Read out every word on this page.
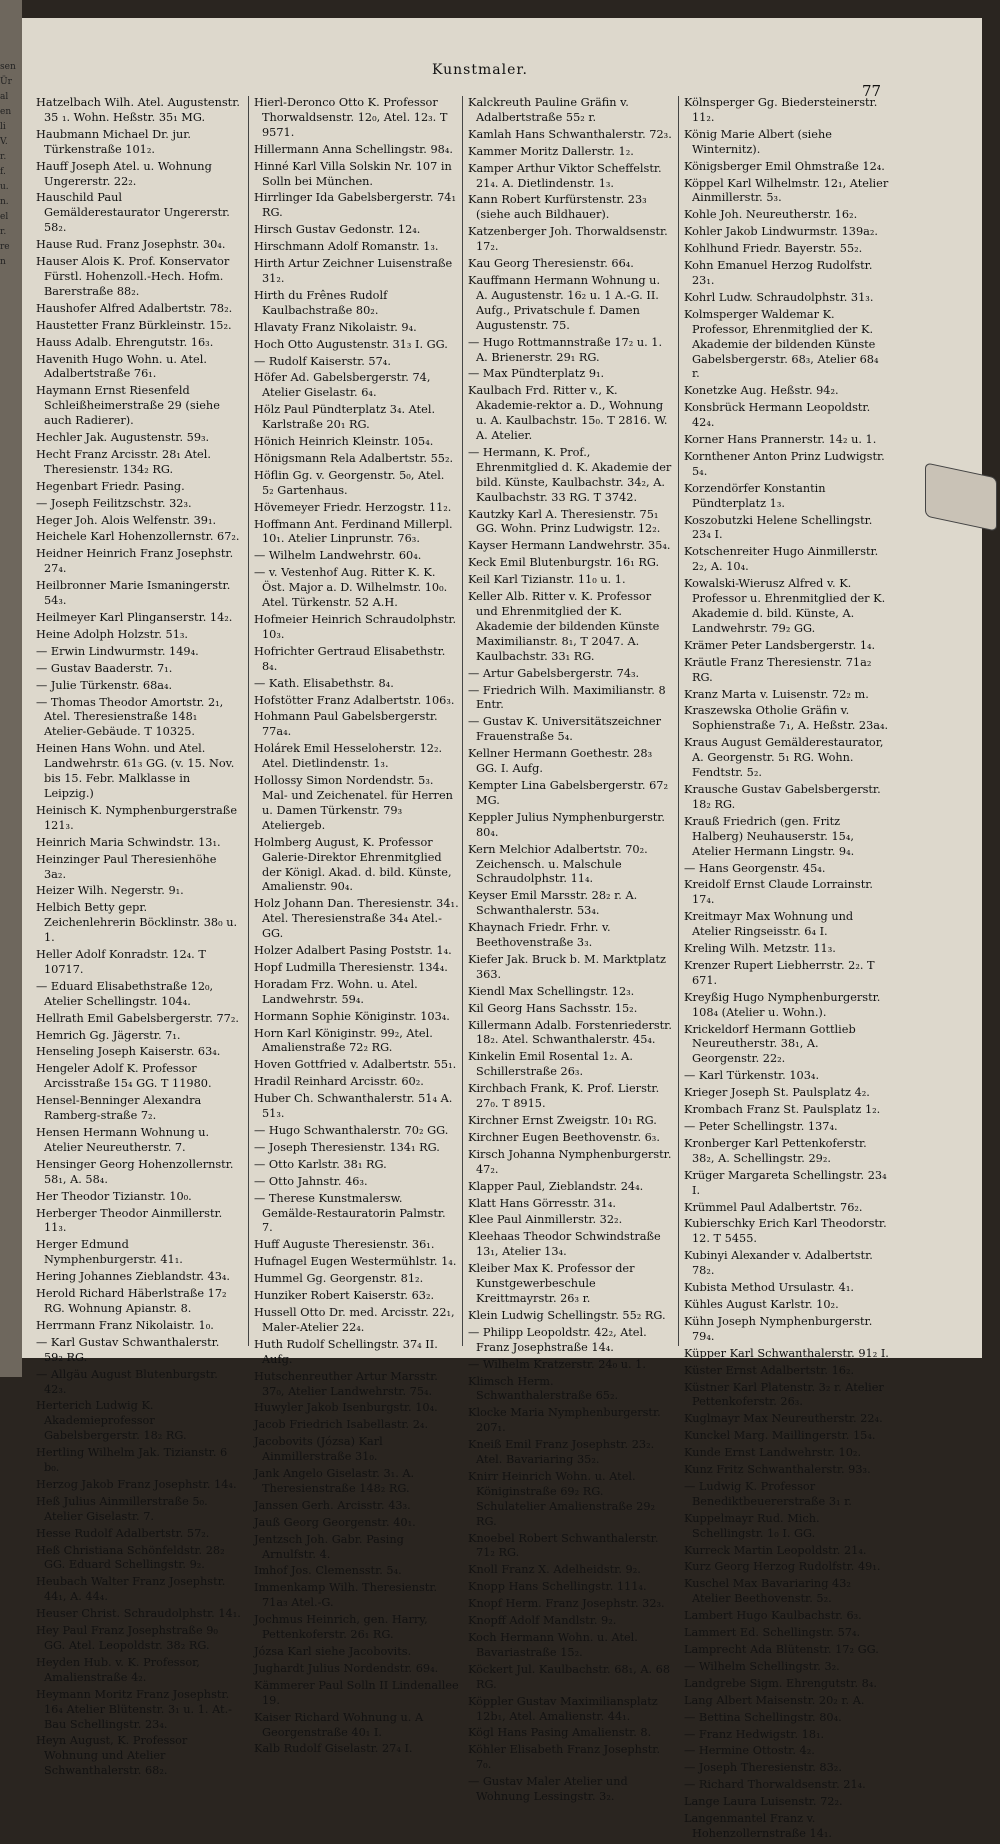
sen
Ür
al
en
li
V.
r.
f.
u.
n.
el
r.
re
n
Kunstmaler.
77
Hatzelbach Wilh. Atel. Augustenstr. 35 ₁. Wohn. Heßstr. 35₁ MG.
Haubmann Michael Dr. jur. Türkenstraße 101₂.
Hauff Joseph Atel. u. Wohnung Ungererstr. 22₂.
Hauschild Paul Gemälderestaurator Ungererstr. 58₂.
Hause Rud. Franz Josephstr. 30₄.
Hauser Alois K. Prof. Konservator Fürstl. Hohenzoll.-Hech. Hofm. Barerstraße 88₂.
Haushofer Alfred Adalbertstr. 78₂.
Haustetter Franz Bürkleinstr. 15₂.
Hauss Adalb. Ehrengutstr. 16₃.
Havenith Hugo Wohn. u. Atel. Adalbertstraße 76₁.
Haymann Ernst Riesenfeld Schleißheimerstraße 29 (siehe auch Radierer).
Hechler Jak. Augustenstr. 59₃.
Hecht Franz Arcisstr. 28₁ Atel. Theresienstr. 134₂ RG.
Hegenbart Friedr. Pasing.
— Joseph Feilitzschstr. 32₃.
Heger Joh. Alois Welfenstr. 39₁.
Heichele Karl Hohenzollernstr. 67₂.
Heidner Heinrich Franz Josephstr. 27₄.
Heilbronner Marie Ismaningerstr. 54₃.
Heilmeyer Karl Plinganserstr. 14₂.
Heine Adolph Holzstr. 51₃.
— Erwin Lindwurmstr. 149₄.
— Gustav Baaderstr. 7₁.
— Julie Türkenstr. 68a₄.
— Thomas Theodor Amortstr. 2₁, Atel. Theresienstraße 148₁ Atelier-Gebäude. T 10325.
Heinen Hans Wohn. und Atel. Landwehrstr. 61₃ GG. (v. 15. Nov. bis 15. Febr. Malklasse in Leipzig.)
Heinisch K. Nymphenburgerstraße 121₃.
Heinrich Maria Schwindstr. 13₁.
Heinzinger Paul Theresienhöhe 3a₂.
Heizer Wilh. Negerstr. 9₁.
Helbich Betty gepr. Zeichenlehrerin Böcklinstr. 38₀ u. 1.
Heller Adolf Konradstr. 12₄. T 10717.
— Eduard Elisabethstraße 12₀, Atelier Schellingstr. 104₄.
Hellrath Emil Gabelsbergerstr. 77₂.
Hemrich Gg. Jägerstr. 7₁.
Henseling Joseph Kaiserstr. 63₄.
Hengeler Adolf K. Professor Arcisstraße 15₄ GG. T 11980.
Hensel-Benninger Alexandra Ramberg-straße 7₂.
Hensen Hermann Wohnung u. Atelier Neureutherstr. 7.
Hensinger Georg Hohenzollernstr. 58₁, A. 58₄.
Her Theodor Tizianstr. 10₀.
Herberger Theodor Ainmillerstr. 11₃.
Herger Edmund Nymphenburgerstr. 41₁.
Hering Johannes Zieblandstr. 43₄.
Herold Richard Häberlstraße 17₂ RG. Wohnung Apianstr. 8.
Herrmann Franz Nikolaistr. 1₀.
— Karl Gustav Schwanthalerstr. 59₂ RG.
— Allgäu August Blutenburgstr. 42₃.
Herterich Ludwig K. Akademieprofessor Gabelsbergerstr. 18₂ RG.
Hertling Wilhelm Jak. Tizianstr. 6 b₀.
Herzog Jakob Franz Josephstr. 14₄.
Heß Julius Ainmillerstraße 5₀. Atelier Giselastr. 7.
Hesse Rudolf Adalbertstr. 57₂.
Heß Christiana Schönfeldstr. 28₂ GG. Eduard Schellingstr. 9₂.
Heubach Walter Franz Josephstr. 44₁, A. 44₄.
Heuser Christ. Schraudolphstr. 14₁.
Hey Paul Franz Josephstraße 9₀ GG. Atel. Leopoldstr. 38₂ RG.
Heyden Hub. v. K. Professor, Amalienstraße 4₂.
Heymann Moritz Franz Josephstr. 16₄ Atelier Blütenstr. 3₁ u. 1. At.-Bau Schellingstr. 23₄.
Heyn August, K. Professor Wohnung und Atelier Schwanthalerstr. 68₂.
Hierl-Deronco Otto K. Professor Thorwaldsenstr. 12₀, Atel. 12₃. T 9571.
Hillermann Anna Schellingstr. 98₄.
Hinné Karl Villa Solskin Nr. 107 in Solln bei München.
Hirrlinger Ida Gabelsbergerstr. 74₁ RG.
Hirsch Gustav Gedonstr. 12₄.
Hirschmann Adolf Romanstr. 1₃.
Hirth Artur Zeichner Luisenstraße 31₂.
Hirth du Frênes Rudolf Kaulbachstraße 80₂.
Hlavaty Franz Nikolaistr. 9₄.
Hoch Otto Augustenstr. 31₃ I. GG.
— Rudolf Kaiserstr. 57₄.
Höfer Ad. Gabelsbergerstr. 74, Atelier Giselastr. 6₄.
Hölz Paul Pündterplatz 3₄. Atel. Karlstraße 20₁ RG.
Hönich Heinrich Kleinstr. 105₄.
Hönigsmann Rela Adalbertstr. 55₂.
Höflin Gg. v. Georgenstr. 5₀, Atel. 5₂ Gartenhaus.
Hövemeyer Friedr. Herzogstr. 11₂.
Hoffmann Ant. Ferdinand Millerpl. 10₁. Atelier Linprunstr. 76₃.
— Wilhelm Landwehrstr. 60₄.
— v. Vestenhof Aug. Ritter K. K. Öst. Major a. D. Wilhelmstr. 10₀. Atel. Türkenstr. 52 A.H.
Hofmeier Heinrich Schraudolphstr. 10₃.
Hofrichter Gertraud Elisabethstr. 8₄.
— Kath. Elisabethstr. 8₄.
Hofstötter Franz Adalbertstr. 106₃.
Hohmann Paul Gabelsbergerstr. 77a₄.
Holárek Emil Hesseloherstr. 12₂. Atel. Dietlindenstr. 1₃.
Hollossy Simon Nordendstr. 5₃. Mal- und Zeichenatel. für Herren u. Damen Türkenstr. 79₃ Ateliergeb.
Holmberg August, K. Professor Galerie-Direktor Ehrenmitglied der Königl. Akad. d. bild. Künste, Amalienstr. 90₄.
Holz Johann Dan. Theresienstr. 34₁. Atel. Theresienstraße 34₄ Atel.-GG.
Holzer Adalbert Pasing Poststr. 1₄.
Hopf Ludmilla Theresienstr. 134₄.
Horadam Frz. Wohn. u. Atel. Landwehrstr. 59₄.
Hormann Sophie Königinstr. 103₄.
Horn Karl Königinstr. 99₂, Atel. Amalienstraße 72₂ RG.
Hoven Gottfried v. Adalbertstr. 55₁.
Hradil Reinhard Arcisstr. 60₂.
Huber Ch. Schwanthalerstr. 51₄ A. 51₃.
— Hugo Schwanthalerstr. 70₂ GG.
— Joseph Theresienstr. 134₁ RG.
— Otto Karlstr. 38₁ RG.
— Otto Jahnstr. 46₃.
— Therese Kunstmalersw. Gemälde-Restauratorin Palmstr. 7.
Huff Auguste Theresienstr. 36₁.
Hufnagel Eugen Westermühlstr. 1₄.
Hummel Gg. Georgenstr. 81₂.
Hunziker Robert Kaiserstr. 63₂.
Hussell Otto Dr. med. Arcisstr. 22₁, Maler-Atelier 22₄.
Huth Rudolf Schellingstr. 37₄ II. Aufg.
Hutschenreuther Artur Marsstr. 37₀, Atelier Landwehrstr. 75₄.
Huwyler Jakob Isenburgstr. 10₄.
Jacob Friedrich Isabellastr. 2₄.
Jacobovits (Józsa) Karl Ainmillerstraße 31₀.
Jank Angelo Giselastr. 3₁. A. Theresienstraße 148₂ RG.
Janssen Gerh. Arcisstr. 43₃.
Jauß Georg Georgenstr. 40₁.
Jentzsch Joh. Gabr. Pasing Arnulfstr. 4.
Imhof Jos. Clemensstr. 5₄.
Immenkamp Wilh. Theresienstr. 71a₃ Atel.-G.
Jochmus Heinrich, gen. Harry, Pettenkoferstr. 26₁ RG.
Józsa Karl siehe Jacobovits.
Jughardt Julius Nordendstr. 69₄.
Kämmerer Paul Solln II Lindenallee 19.
Kaiser Richard Wohnung u. A Georgenstraße 40₁ I.
Kalb Rudolf Giselastr. 27₄ I.
Kalckreuth Pauline Gräfin v. Adalbertstraße 55₂ r.
Kamlah Hans Schwanthalerstr. 72₃.
Kammer Moritz Dallerstr. 1₂.
Kamper Arthur Viktor Scheffelstr. 21₄. A. Dietlindenstr. 1₃.
Kann Robert Kurfürstenstr. 23₃ (siehe auch Bildhauer).
Katzenberger Joh. Thorwaldsenstr. 17₂.
Kau Georg Theresienstr. 66₄.
Kauffmann Hermann Wohnung u. A. Augustenstr. 16₂ u. 1 A.-G. II. Aufg., Privatschule f. Damen Augustenstr. 75.
— Hugo Rottmannstraße 17₂ u. 1. A. Brienerstr. 29₁ RG.
— Max Pündterplatz 9₁.
Kaulbach Frd. Ritter v., K. Akademie-rektor a. D., Wohnung u. A. Kaulbachstr. 15₀. T 2816. W. A. Atelier.
— Hermann, K. Prof., Ehrenmitglied d. K. Akademie der bild. Künste, Kaulbachstr. 34₂, A. Kaulbachstr. 33 RG. T 3742.
Kautzky Karl A. Theresienstr. 75₁ GG. Wohn. Prinz Ludwigstr. 12₂.
Kayser Hermann Landwehrstr. 35₄.
Keck Emil Blutenburgstr. 16₁ RG.
Keil Karl Tizianstr. 11₀ u. 1.
Keller Alb. Ritter v. K. Professor und Ehrenmitglied der K. Akademie der bildenden Künste Maximilianstr. 8₁, T 2047. A. Kaulbachstr. 33₁ RG.
— Artur Gabelsbergerstr. 74₃.
— Friedrich Wilh. Maximilianstr. 8 Entr.
— Gustav K. Universitätszeichner Frauenstraße 5₄.
Kellner Hermann Goethestr. 28₃ GG. I. Aufg.
Kempter Lina Gabelsbergerstr. 67₂ MG.
Keppler Julius Nymphenburgerstr. 80₄.
Kern Melchior Adalbertstr. 70₂. Zeichensch. u. Malschule Schraudolphstr. 11₄.
Keyser Emil Marsstr. 28₂ r. A. Schwanthalerstr. 53₄.
Khaynach Friedr. Frhr. v. Beethovenstraße 3₃.
Kiefer Jak. Bruck b. M. Marktplatz 363.
Kiendl Max Schellingstr. 12₃.
Kil Georg Hans Sachsstr. 15₂.
Killermann Adalb. Forstenriederstr. 18₂. Atel. Schwanthalerstr. 45₄.
Kinkelin Emil Rosental 1₂. A. Schillerstraße 26₃.
Kirchbach Frank, K. Prof. Lierstr. 27₀. T 8915.
Kirchner Ernst Zweigstr. 10₁ RG.
Kirchner Eugen Beethovenstr. 6₃.
Kirsch Johanna Nymphenburgerstr. 47₂.
Klapper Paul, Zieblandstr. 24₄.
Klatt Hans Görresstr. 31₄.
Klee Paul Ainmillerstr. 32₂.
Kleehaas Theodor Schwindstraße 13₁, Atelier 13₄.
Kleiber Max K. Professor der Kunstgewerbeschule Kreittmayrstr. 26₃ r.
Klein Ludwig Schellingstr. 55₂ RG.
— Philipp Leopoldstr. 42₂, Atel. Franz Josephstraße 14₄.
— Wilhelm Kratzerstr. 24₀ u. 1.
Klimsch Herm. Schwanthalerstraße 65₂.
Klocke Maria Nymphenburgerstr. 207₁.
Kneiß Emil Franz Josephstr. 23₂. Atel. Bavariaring 35₂.
Knirr Heinrich Wohn. u. Atel. Königinstraße 69₂ RG. Schulatelier Amalienstraße 29₂ RG.
Knoebel Robert Schwanthalerstr. 71₂ RG.
Knoll Franz X. Adelheidstr. 9₂.
Knopp Hans Schellingstr. 111₄.
Knopf Herm. Franz Josephstr. 32₃.
Knopff Adolf Mandlstr. 9₂.
Koch Hermann Wohn. u. Atel. Bavariastraße 15₂.
Köckert Jul. Kaulbachstr. 68₁, A. 68 RG.
Köppler Gustav Maximiliansplatz 12b₁, Atel. Amalienstr. 44₁.
Kögl Hans Pasing Amalienstr. 8.
Köhler Elisabeth Franz Josephstr. 7₀.
— Gustav Maler Atelier und Wohnung Lessingstr. 3₂.
Kölnsperger Gg. Biedersteinerstr. 11₂.
König Marie Albert (siehe Winternitz).
Königsberger Emil Ohmstraße 12₄.
Köppel Karl Wilhelmstr. 12₁, Atelier Ainmillerstr. 5₃.
Kohle Joh. Neureutherstr. 16₂.
Kohler Jakob Lindwurmstr. 139a₂.
Kohlhund Friedr. Bayerstr. 55₂.
Kohn Emanuel Herzog Rudolfstr. 23₁.
Kohrl Ludw. Schraudolphstr. 31₃.
Kolmsperger Waldemar K. Professor, Ehrenmitglied der K. Akademie der bildenden Künste Gabelsbergerstr. 68₃, Atelier 68₄ r.
Konetzke Aug. Heßstr. 94₂.
Konsbrück Hermann Leopoldstr. 42₄.
Korner Hans Prannerstr. 14₂ u. 1.
Kornthener Anton Prinz Ludwigstr. 5₄.
Korzendörfer Konstantin Pündterplatz 1₃.
Koszobutzki Helene Schellingstr. 23₄ I.
Kotschenreiter Hugo Ainmillerstr. 2₂, A. 10₄.
Kowalski-Wierusz Alfred v. K. Professor u. Ehrenmitglied der K. Akademie d. bild. Künste, A. Landwehrstr. 79₂ GG.
Krämer Peter Landsbergerstr. 1₄.
Kräutle Franz Theresienstr. 71a₂ RG.
Kranz Marta v. Luisenstr. 72₂ m.
Kraszewska Otholie Gräfin v. Sophienstraße 7₁, A. Heßstr. 23a₄.
Kraus August Gemälderestaurator, A. Georgenstr. 5₁ RG. Wohn. Fendtstr. 5₂.
Krausche Gustav Gabelsbergerstr. 18₂ RG.
Krauß Friedrich (gen. Fritz Halberg) Neuhauserstr. 15₄, Atelier Hermann Lingstr. 9₄.
— Hans Georgenstr. 45₄.
Kreidolf Ernst Claude Lorrainstr. 17₄.
Kreitmayr Max Wohnung und Atelier Ringseisstr. 6₄ I.
Kreling Wilh. Metzstr. 11₃.
Krenzer Rupert Liebherrstr. 2₂. T 671.
Kreyßig Hugo Nymphenburgerstr. 108₄ (Atelier u. Wohn.).
Krickeldorf Hermann Gottlieb Neureutherstr. 38₁, A. Georgenstr. 22₂.
— Karl Türkenstr. 103₄.
Krieger Joseph St. Paulsplatz 4₂.
Krombach Franz St. Paulsplatz 1₂.
— Peter Schellingstr. 137₄.
Kronberger Karl Pettenkoferstr. 38₂, A. Schellingstr. 29₂.
Krüger Margareta Schellingstr. 23₄ I.
Krümmel Paul Adalbertstr. 76₂.
Kubierschky Erich Karl Theodorstr. 12. T 5455.
Kubinyi Alexander v. Adalbertstr. 78₂.
Kubista Method Ursulastr. 4₁.
Kühles August Karlstr. 10₂.
Kühn Joseph Nymphenburgerstr. 79₄.
Küpper Karl Schwanthalerstr. 91₂ I.
Küster Ernst Adalbertstr. 16₂.
Küstner Karl Platenstr. 3₂ r. Atelier Pettenkoferstr. 26₃.
Kuglmayr Max Neureutherstr. 22₄.
Kunckel Marg. Maillingerstr. 15₄.
Kunde Ernst Landwehrstr. 10₂.
Kunz Fritz Schwanthalerstr. 93₃.
— Ludwig K. Professor Benediktbeuererstraße 3₁ r.
Kuppelmayr Rud. Mich. Schellingstr. 1₀ I. GG.
Kurreck Martin Leopoldstr. 21₄.
Kurz Georg Herzog Rudolfstr. 49₁.
Kuschel Max Bavariaring 43₂ Atelier Beethovenstr. 5₂.
Lambert Hugo Kaulbachstr. 6₃.
Lammert Ed. Schellingstr. 57₄.
Lamprecht Ada Blütenstr. 17₂ GG.
— Wilhelm Schellingstr. 3₂.
Landgrebe Sigm. Ehrengutstr. 8₄.
Lang Albert Maisenstr. 20₂ r. A.
— Bettina Schellingstr. 80₄.
— Franz Hedwigstr. 18₁.
— Hermine Ottostr. 4₂.
— Joseph Theresienstr. 83₂.
— Richard Thorwaldsenstr. 21₄.
Lange Laura Luisenstr. 72₂.
Langenmantel Franz v. Hohenzollernstraße 14₁.
